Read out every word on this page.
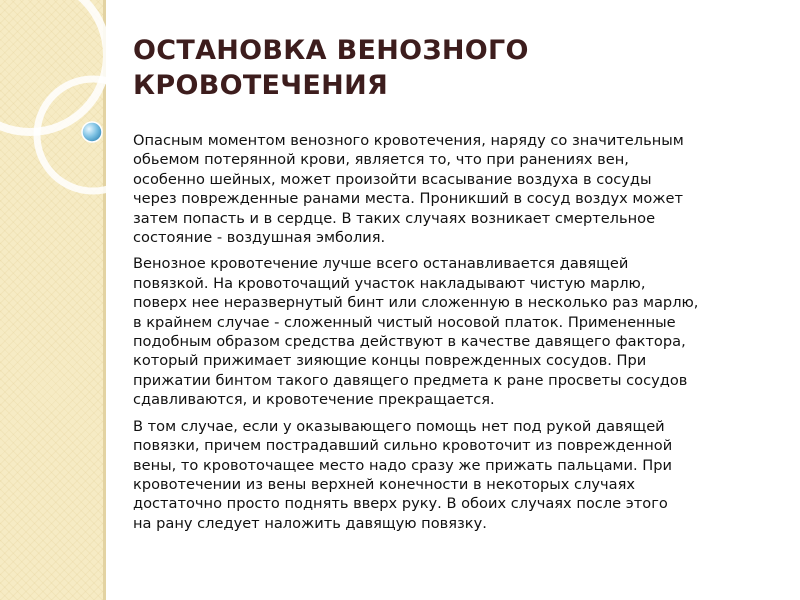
ОСТАНОВКА ВЕНОЗНОГО
КРОВОТЕЧЕНИЯ

Опасным моментом венозного кровотечения, наряду со значительным
обьемом потерянной крови, является то, что при ранениях вен,
особенно шейных, может произойти всасывание воздуха в сосуды
через поврежденные ранами места. Проникший в сосуд воздух может
затем попасть и в сердце. В таких случаях возникает смертельное
состояние - воздушная эмболия.

Венозное кровотечение лучше всего останавливается давящей
повязкой. На кровоточащий участок накладывают чистую марлю,
поверх нее неразвернутый бинт или сложенную в несколько раз марлю,
в крайнем случае - сложенный чистый носовой платок. Примененные
подобным образом средства действуют в качестве давящего фактора,
который прижимает зияющие концы поврежденных сосудов. При
прижатии бинтом такого давящего предмета к ране просветы сосудов
сдавливаются, и кровотечение прекращается.

В том случае, если у оказывающего помощь нет под рукой давящей
повязки, причем пострадавший сильно кровоточит из поврежденной
вены, то кровоточащее место надо сразу же прижать пальцами. При
кровотечении из вены верхней конечности в некоторых случаях
достаточно просто поднять вверх руку. В обоих случаях после этого
на рану следует наложить давящую повязку.
